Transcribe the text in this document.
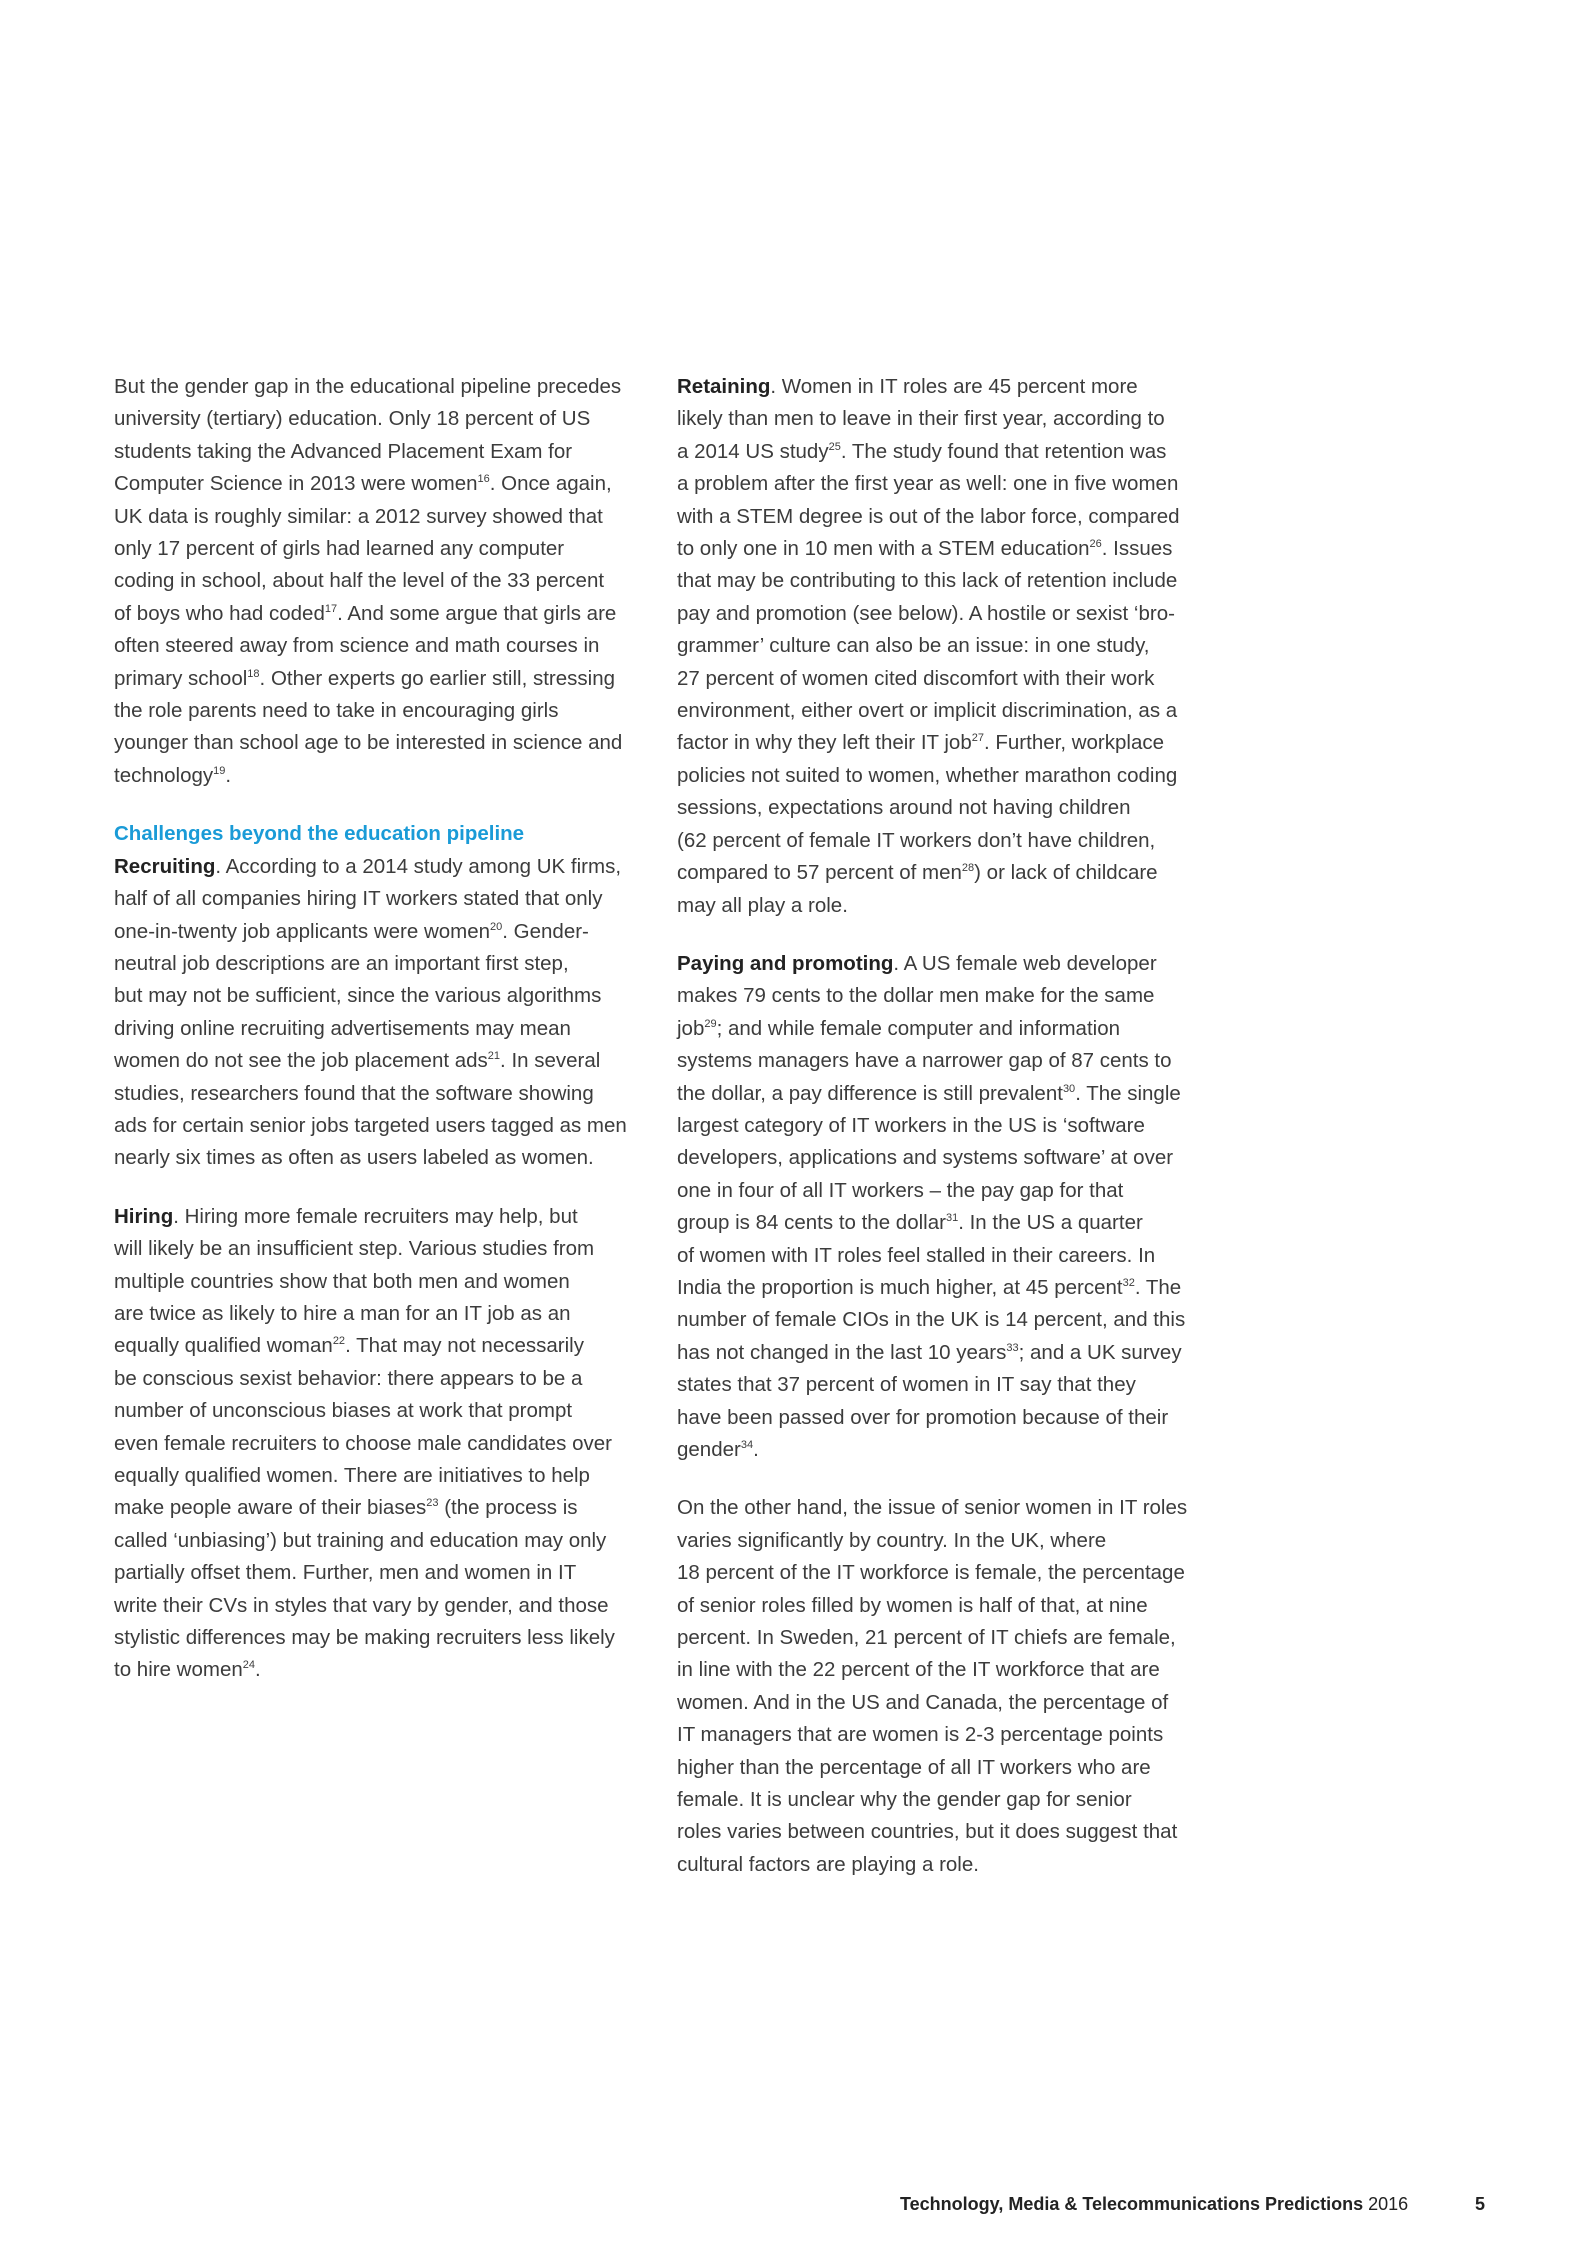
But the gender gap in the educational pipeline precedes
university (tertiary) education. Only 18 percent of US
students taking the Advanced Placement Exam for
Computer Science in 2013 were women$^{16}$. Once again,
UK data is roughly similar: a 2012 survey showed that
only 17 percent of girls had learned any computer
coding in school, about half the level of the 33 percent
of boys who had coded$^{17}$. And some argue that girls are
often steered away from science and math courses in
primary school$^{18}$. Other experts go earlier still, stressing
the role parents need to take in encouraging girls
younger than school age to be interested in science and
technology$^{19}$.

Challenges beyond the education pipeline

Recruiting. According to a 2014 study among UK firms,
half of all companies hiring IT workers stated that only
one-in-twenty job applicants were women$^{20}$. Gender-
neutral job descriptions are an important first step,
but may not be sufficient, since the various algorithms
driving online recruiting advertisements may mean
women do not see the job placement ads$^{21}$. In several
studies, researchers found that the software showing
ads for certain senior jobs targeted users tagged as men
nearly six times as often as users labeled as women.

Hiring. Hiring more female recruiters may help, but
will likely be an insufficient step. Various studies from
multiple countries show that both men and women
are twice as likely to hire a man for an IT job as an
equally qualified woman$^{22}$. That may not necessarily
be conscious sexist behavior: there appears to be a
number of unconscious biases at work that prompt
even female recruiters to choose male candidates over
equally qualified women. There are initiatives to help
make people aware of their biases$^{23}$ (the process is
called ‘unbiasing’) but training and education may only
partially offset them. Further, men and women in IT
write their CVs in styles that vary by gender, and those
stylistic differences may be making recruiters less likely
to hire women$^{24}$.

Retaining. Women in IT roles are 45 percent more
likely than men to leave in their first year, according to
a 2014 US study$^{25}$. The study found that retention was
a problem after the first year as well: one in five women
with a STEM degree is out of the labor force, compared
to only one in 10 men with a STEM education$^{26}$. Issues
that may be contributing to this lack of retention include
pay and promotion (see below). A hostile or sexist ‘bro-
grammer’ culture can also be an issue: in one study,
27 percent of women cited discomfort with their work
environment, either overt or implicit discrimination, as a
factor in why they left their IT job$^{27}$. Further, workplace
policies not suited to women, whether marathon coding
sessions, expectations around not having children
(62 percent of female IT workers don’t have children,
compared to 57 percent of men$^{28}$) or lack of childcare
may all play a role.

Paying and promoting. A US female web developer
makes 79 cents to the dollar men make for the same
job$^{29}$; and while female computer and information
systems managers have a narrower gap of 87 cents to
the dollar, a pay difference is still prevalent$^{30}$. The single
largest category of IT workers in the US is ‘software
developers, applications and systems software’ at over
one in four of all IT workers – the pay gap for that
group is 84 cents to the dollar$^{31}$. In the US a quarter
of women with IT roles feel stalled in their careers. In
India the proportion is much higher, at 45 percent$^{32}$. The
number of female CIOs in the UK is 14 percent, and this
has not changed in the last 10 years$^{33}$; and a UK survey
states that 37 percent of women in IT say that they
have been passed over for promotion because of their
gender$^{34}$.

On the other hand, the issue of senior women in IT roles
varies significantly by country. In the UK, where
18 percent of the IT workforce is female, the percentage
of senior roles filled by women is half of that, at nine
percent. In Sweden, 21 percent of IT chiefs are female,
in line with the 22 percent of the IT workforce that are
women. And in the US and Canada, the percentage of
IT managers that are women is 2-3 percentage points
higher than the percentage of all IT workers who are
female. It is unclear why the gender gap for senior
roles varies between countries, but it does suggest that
cultural factors are playing a role.

Technology, Media & Telecommunications Predictions 2016	5
